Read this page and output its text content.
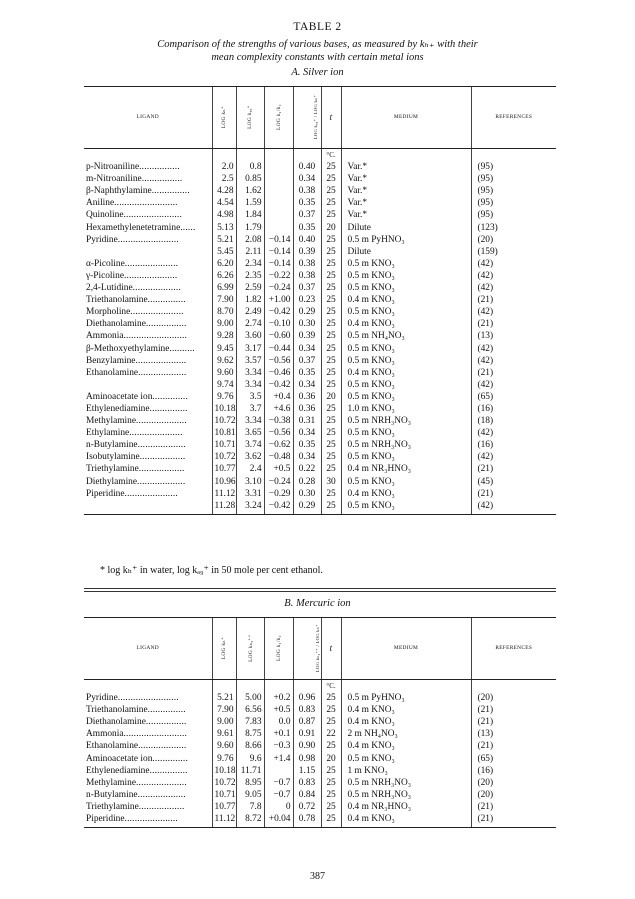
TABLE 2
Comparison of the strengths of various bases, as measured by kₕ₊ with their
mean complexity constants with certain metal ions
A. Silver ion
LIGAND	LOG kₕ⁺	LOG kₐ₉⁺	LOG k₁/k₂	LOG kₐ₉⁺ / LOG kₕ⁺	t	MEDIUM	REFERENCES
					°C.		
p-Nitroaniline................	2.0	0.8		0.40	25	Var.*	(95)
m-Nitroaniline................	2.5	0.85		0.34	25	Var.*	(95)
β-Naphthylamine...............	4.28	1.62		0.38	25	Var.*	(95)
Aniline.........................	4.54	1.59		0.35	25	Var.*	(95)
Quinoline.......................	4.98	1.84		0.37	25	Var.*	(95)
Hexamethylenetetramine......	5.13	1.79		0.35	20	Dilute	(123)
Pyridine........................	5.21	2.08	−0.14	0.40	25	0.5 m PyHNO₃	(20)
	5.45	2.11	−0.14	0.39	25	Dilute	(159)
α-Picoline.....................	6.20	2.34	−0.14	0.38	25	0.5 m KNO₃	(42)
γ-Picoline.....................	6.26	2.35	−0.22	0.38	25	0.5 m KNO₃	(42)
2,4-Lutidine...................	6.99	2.59	−0.24	0.37	25	0.5 m KNO₃	(42)
Triethanolamine...............	7.90	1.82	+1.00	0.23	25	0.4 m KNO₃	(21)
Morpholine.....................	8.70	2.49	−0.42	0.29	25	0.5 m KNO₃	(42)
Diethanolamine................	9.00	2.74	−0.10	0.30	25	0.4 m KNO₃	(21)
Ammonia.........................	9.28	3.60	−0.60	0.39	25	0.5 m NH₄NO₃	(13)
β-Methoxyethylamine..........	9.45	3.17	−0.44	0.34	25	0.5 m KNO₃	(42)
Benzylamine....................	9.62	3.57	−0.56	0.37	25	0.5 m KNO₃	(42)
Ethanolamine...................	9.60	3.34	−0.46	0.35	25	0.4 m KNO₃	(21)
	9.74	3.34	−0.42	0.34	25	0.5 m KNO₃	(42)
Aminoacetate ion..............	9.76	3.5	+0.4	0.36	20	0.5 m KNO₃	(65)
Ethylenediamine...............	10.18	3.7	+4.6	0.36	25	1.0 m KNO₃	(16)
Methylamine....................	10.72	3.34	−0.38	0.31	25	0.5 m NRH₃NO₃	(18)
Ethylamine.....................	10.81	3.65	−0.56	0.34	25	0.5 m KNO₃	(42)
n-Butylamine...................	10.71	3.74	−0.62	0.35	25	0.5 m NRH₃NO₃	(16)
Isobutylamine..................	10.72	3.62	−0.48	0.34	25	0.5 m KNO₃	(42)
Triethylamine..................	10.77	2.4	+0.5	0.22	25	0.4 m NR₃HNO₃	(21)
Diethylamine...................	10.96	3.10	−0.24	0.28	30	0.5 m KNO₃	(45)
Piperidine.....................	11.12	3.31	−0.29	0.30	25	0.4 m KNO₃	(21)
	11.28	3.24	−0.42	0.29	25	0.5 m KNO₃	(42)
* log kₕ⁺ in water, log kₐ₉⁺ in 50 mole per cent ethanol.
B. Mercuric ion
LIGAND	LOG kₕ⁺	LOG kₕ₉⁺⁺	LOG k₁/k₂	LOG kₕ₉⁺⁺ / LOG kₕ⁺	t	MEDIUM	REFERENCES
					°C.		
Pyridine........................	5.21	5.00	+0.2	0.96	25	0.5 m PyHNO₃	(20)
Triethanolamine...............	7.90	6.56	+0.5	0.83	25	0.4 m KNO₃	(21)
Diethanolamine................	9.00	7.83	0.0	0.87	25	0.4 m KNO₃	(21)
Ammonia.........................	9.61	8.75	+0.1	0.91	22	2 m NH₄NO₃	(13)
Ethanolamine...................	9.60	8.66	−0.3	0.90	25	0.4 m KNO₃	(21)
Aminoacetate ion..............	9.76	9.6	+1.4	0.98	20	0.5 m KNO₃	(65)
Ethylenediamine...............	10.18	11.71		1.15	25	1 m KNO₃	(16)
Methylamine....................	10.72	8.95	−0.7	0.83	25	0.5 m NRH₃NO₃	(20)
n-Butylamine...................	10.71	9.05	−0.7	0.84	25	0.5 m NRH₃NO₃	(20)
Triethylamine..................	10.77	7.8	0	0.72	25	0.4 m NR₃HNO₃	(21)
Piperidine.....................	11.12	8.72	+0.04	0.78	25	0.4 m KNO₃	(21)
387
